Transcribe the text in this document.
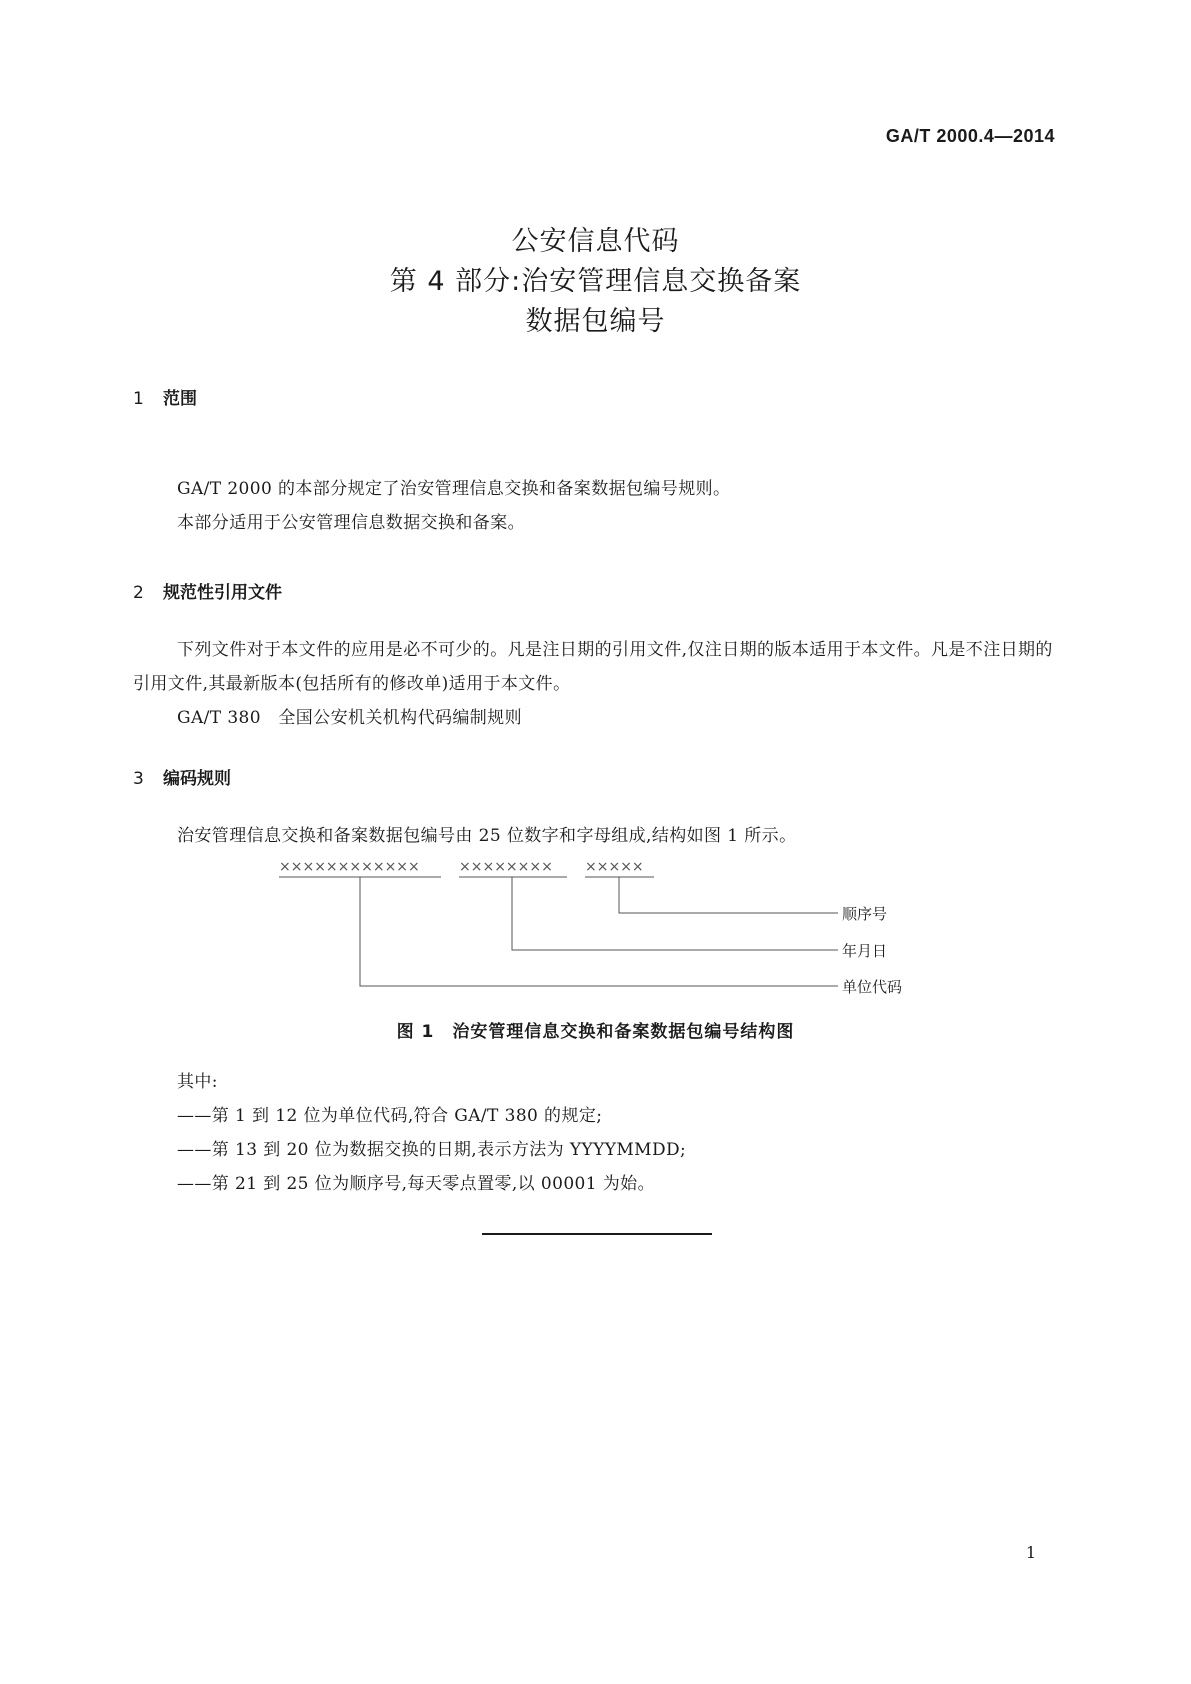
GA/T 2000.4—2014
公安信息代码
第 4 部分:治安管理信息交换备案
数据包编号
1 范围
GA/T 2000 的本部分规定了治安管理信息交换和备案数据包编号规则。
本部分适用于公安管理信息数据交换和备案。
2 规范性引用文件
下列文件对于本文件的应用是必不可少的。凡是注日期的引用文件,仅注日期的版本适用于本文件。凡是不注日期的引用文件,其最新版本(包括所有的修改单)适用于本文件。
GA/T 380　全国公安机关机构代码编制规则
3 编码规则
治安管理信息交换和备案数据包编号由 25 位数字和字母组成,结构如图 1 所示。
××××××××××××	×××××××× ×××××
顺序号
年月日
单位代码
图 1　治安管理信息交换和备案数据包编号结构图
其中:
——第 1 到 12 位为单位代码,符合 GA/T 380 的规定;
——第 13 到 20 位为数据交换的日期,表示方法为 YYYYMMDD;
——第 21 到 25 位为顺序号,每天零点置零,以 00001 为始。
1
